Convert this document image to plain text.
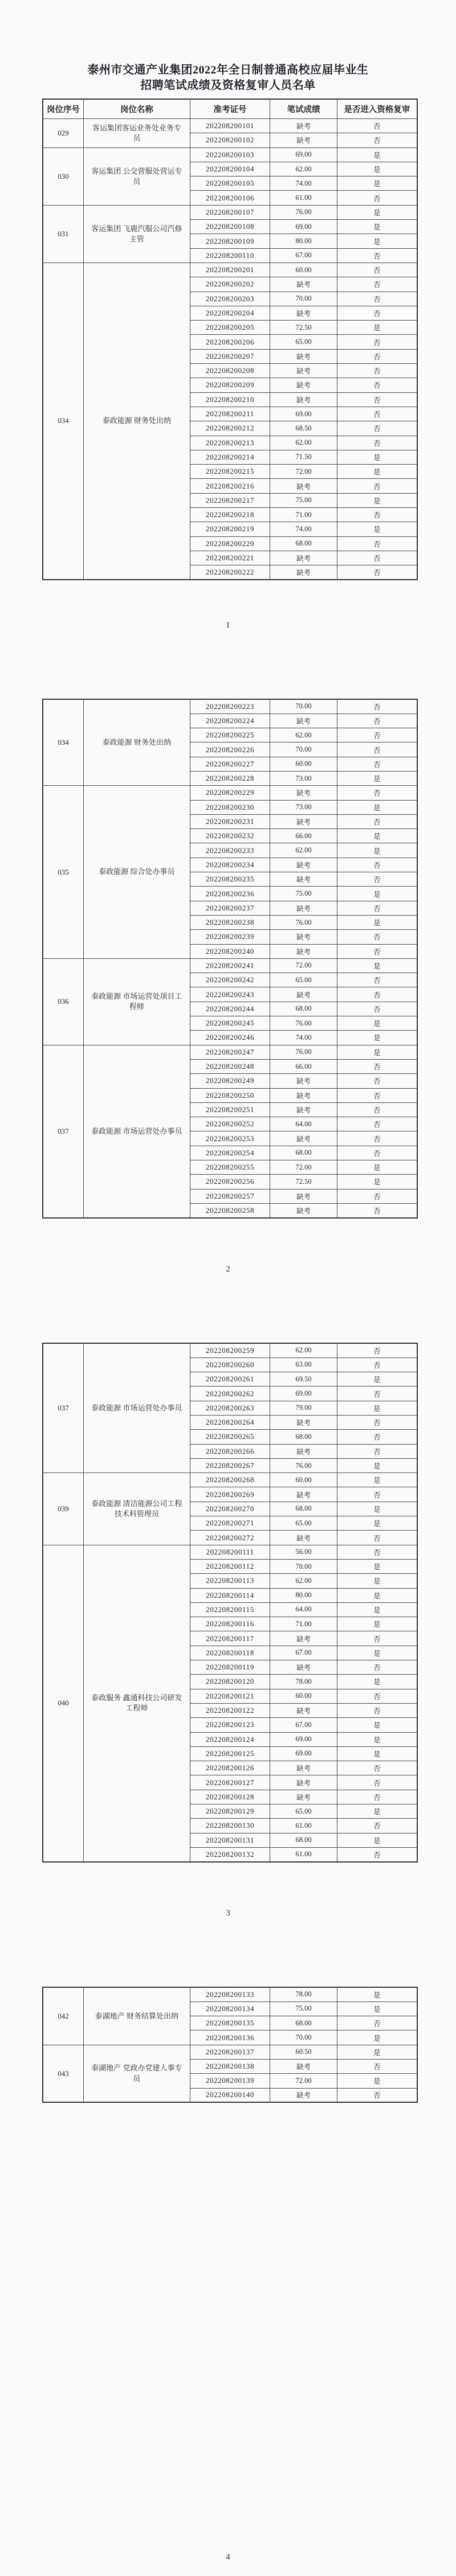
泰州市交通产业集团2022年全日制普通高校应届毕业生
招聘笔试成绩及资格复审人员名单
岗位序号	岗位名称	准考证号	笔试成绩	是否进入资格复审
029	客运集团客运业务处业务专员	202208200101	缺考	否
		202208200102	缺考	否
030	客运集团 公交营服处营运专员	202208200103	69.00	是
		202208200104	62.00	是
		202208200105	74.00	是
		202208200106	61.00	否
031	客运集团 飞鹿汽服公司汽修主管	202208200107	76.00	是
		202208200108	69.00	是
		202208200109	80.00	是
		202208200110	67.00	否
034	泰政能源 财务处出纳	202208200201	60.00	否
		202208200202	缺考	否
		202208200203	70.00	否
		202208200204	缺考	否
		202208200205	72.50	是
		202208200206	65.00	否
		202208200207	缺考	否
		202208200208	缺考	否
		202208200209	缺考	否
		202208200210	缺考	否
		202208200211	69.00	否
		202208200212	68.50	否
		202208200213	62.00	否
		202208200214	71.50	是
		202208200215	72.00	是
		202208200216	缺考	否
		202208200217	75.00	是
		202208200218	71.00	否
		202208200219	74.00	是
		202208200220	68.00	否
		202208200221	缺考	否
		202208200222	缺考	否
1
034	泰政能源 财务处出纳	202208200223	70.00	否
		202208200224	缺考	否
		202208200225	62.00	否
		202208200226	70.00	否
		202208200227	60.00	否
		202208200228	73.00	是
035	泰政能源 综合处办事员	202208200229	缺考	否
		202208200230	73.00	是
		202208200231	缺考	否
		202208200232	66.00	是
		202208200233	62.00	是
		202208200234	缺考	否
		202208200235	缺考	否
		202208200236	75.00	是
		202208200237	缺考	否
		202208200238	76.00	是
		202208200239	缺考	否
		202208200240	缺考	否
036	泰政能源 市场运营处项目工程师	202208200241	72.00	是
		202208200242	65.00	否
		202208200243	缺考	否
		202208200244	68.00	否
		202208200245	76.00	是
		202208200246	74.00	是
037	泰政能源 市场运营处办事员	202208200247	76.00	是
		202208200248	66.00	否
		202208200249	缺考	否
		202208200250	缺考	否
		202208200251	缺考	否
		202208200252	64.00	否
		202208200253	缺考	否
		202208200254	68.00	否
		202208200255	72.00	是
		202208200256	72.50	是
		202208200257	缺考	否
		202208200258	缺考	否
2
037	泰政能源 市场运营处办事员	202208200259	62.00	否
		202208200260	63.00	否
		202208200261	69.50	是
		202208200262	69.00	否
		202208200263	79.00	是
		202208200264	缺考	否
		202208200265	68.00	否
		202208200266	缺考	否
		202208200267	76.00	是
039	泰政能源 清洁能源公司工程技术科管理员	202208200268	60.00	是
		202208200269	缺考	否
		202208200270	68.00	是
		202208200271	65.00	是
		202208200272	缺考	否
040	泰政服务 鑫通科技公司研发工程师	202208200111	56.00	否
		202208200112	70.00	是
		202208200113	62.00	是
		202208200114	80.00	是
		202208200115	64.00	是
		202208200116	71.00	是
		202208200117	缺考	否
		202208200118	67.00	是
		202208200119	缺考	否
		202208200120	78.00	是
		202208200121	60.00	否
		202208200122	缺考	否
		202208200123	67.00	是
		202208200124	69.00	是
		202208200125	69.00	是
		202208200126	缺考	否
		202208200127	缺考	否
		202208200128	缺考	否
		202208200129	65.00	是
		202208200130	61.00	否
		202208200131	68.00	是
		202208200132	61.00	否
3
042	泰湖地产 财务结算处出纳	202208200133	78.00	是
		202208200134	75.00	是
		202208200135	68.00	否
		202208200136	70.00	是
043	泰湖地产 党政办党建人事专员	202208200137	60.50	是
		202208200138	缺考	否
		202208200139	72.00	是
		202208200140	缺考	否
4
